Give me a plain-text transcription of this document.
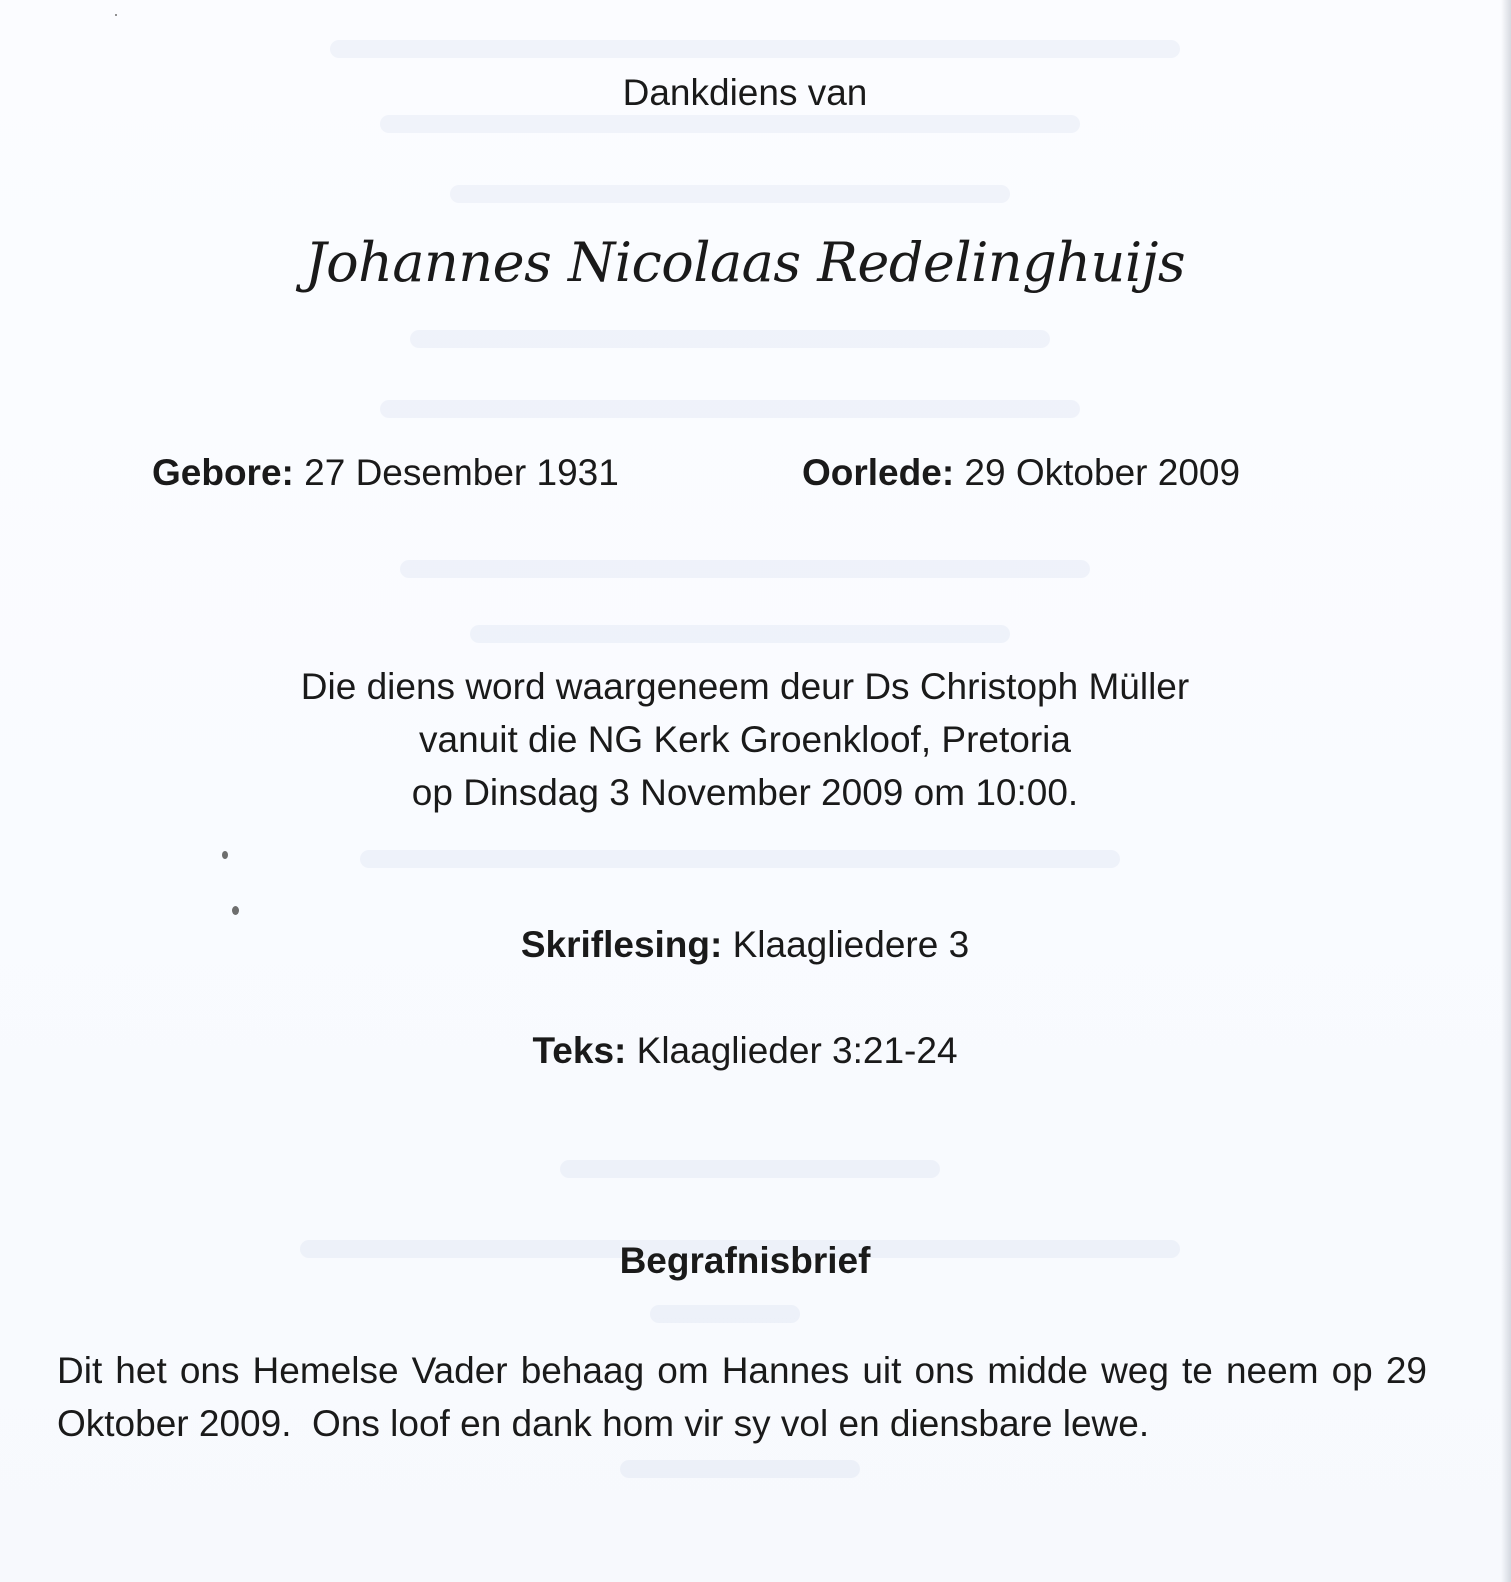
Dankdiens van
Johannes Nicolaas Redelinghuijs
Gebore: 27 Desember 1931	Oorlede: 29 Oktober 2009
Die diens word waargeneem deur Ds Christoph Müller
vanuit die NG Kerk Groenkloof, Pretoria
op Dinsdag 3 November 2009 om 10:00.
Skriflesing: Klaagliedere 3
Teks: Klaaglieder 3:21-24
Begrafnisbrief
Dit het ons Hemelse Vader behaag om Hannes uit ons midde weg te neem op 29 Oktober 2009.  Ons loof en dank hom vir sy vol en diensbare lewe.
